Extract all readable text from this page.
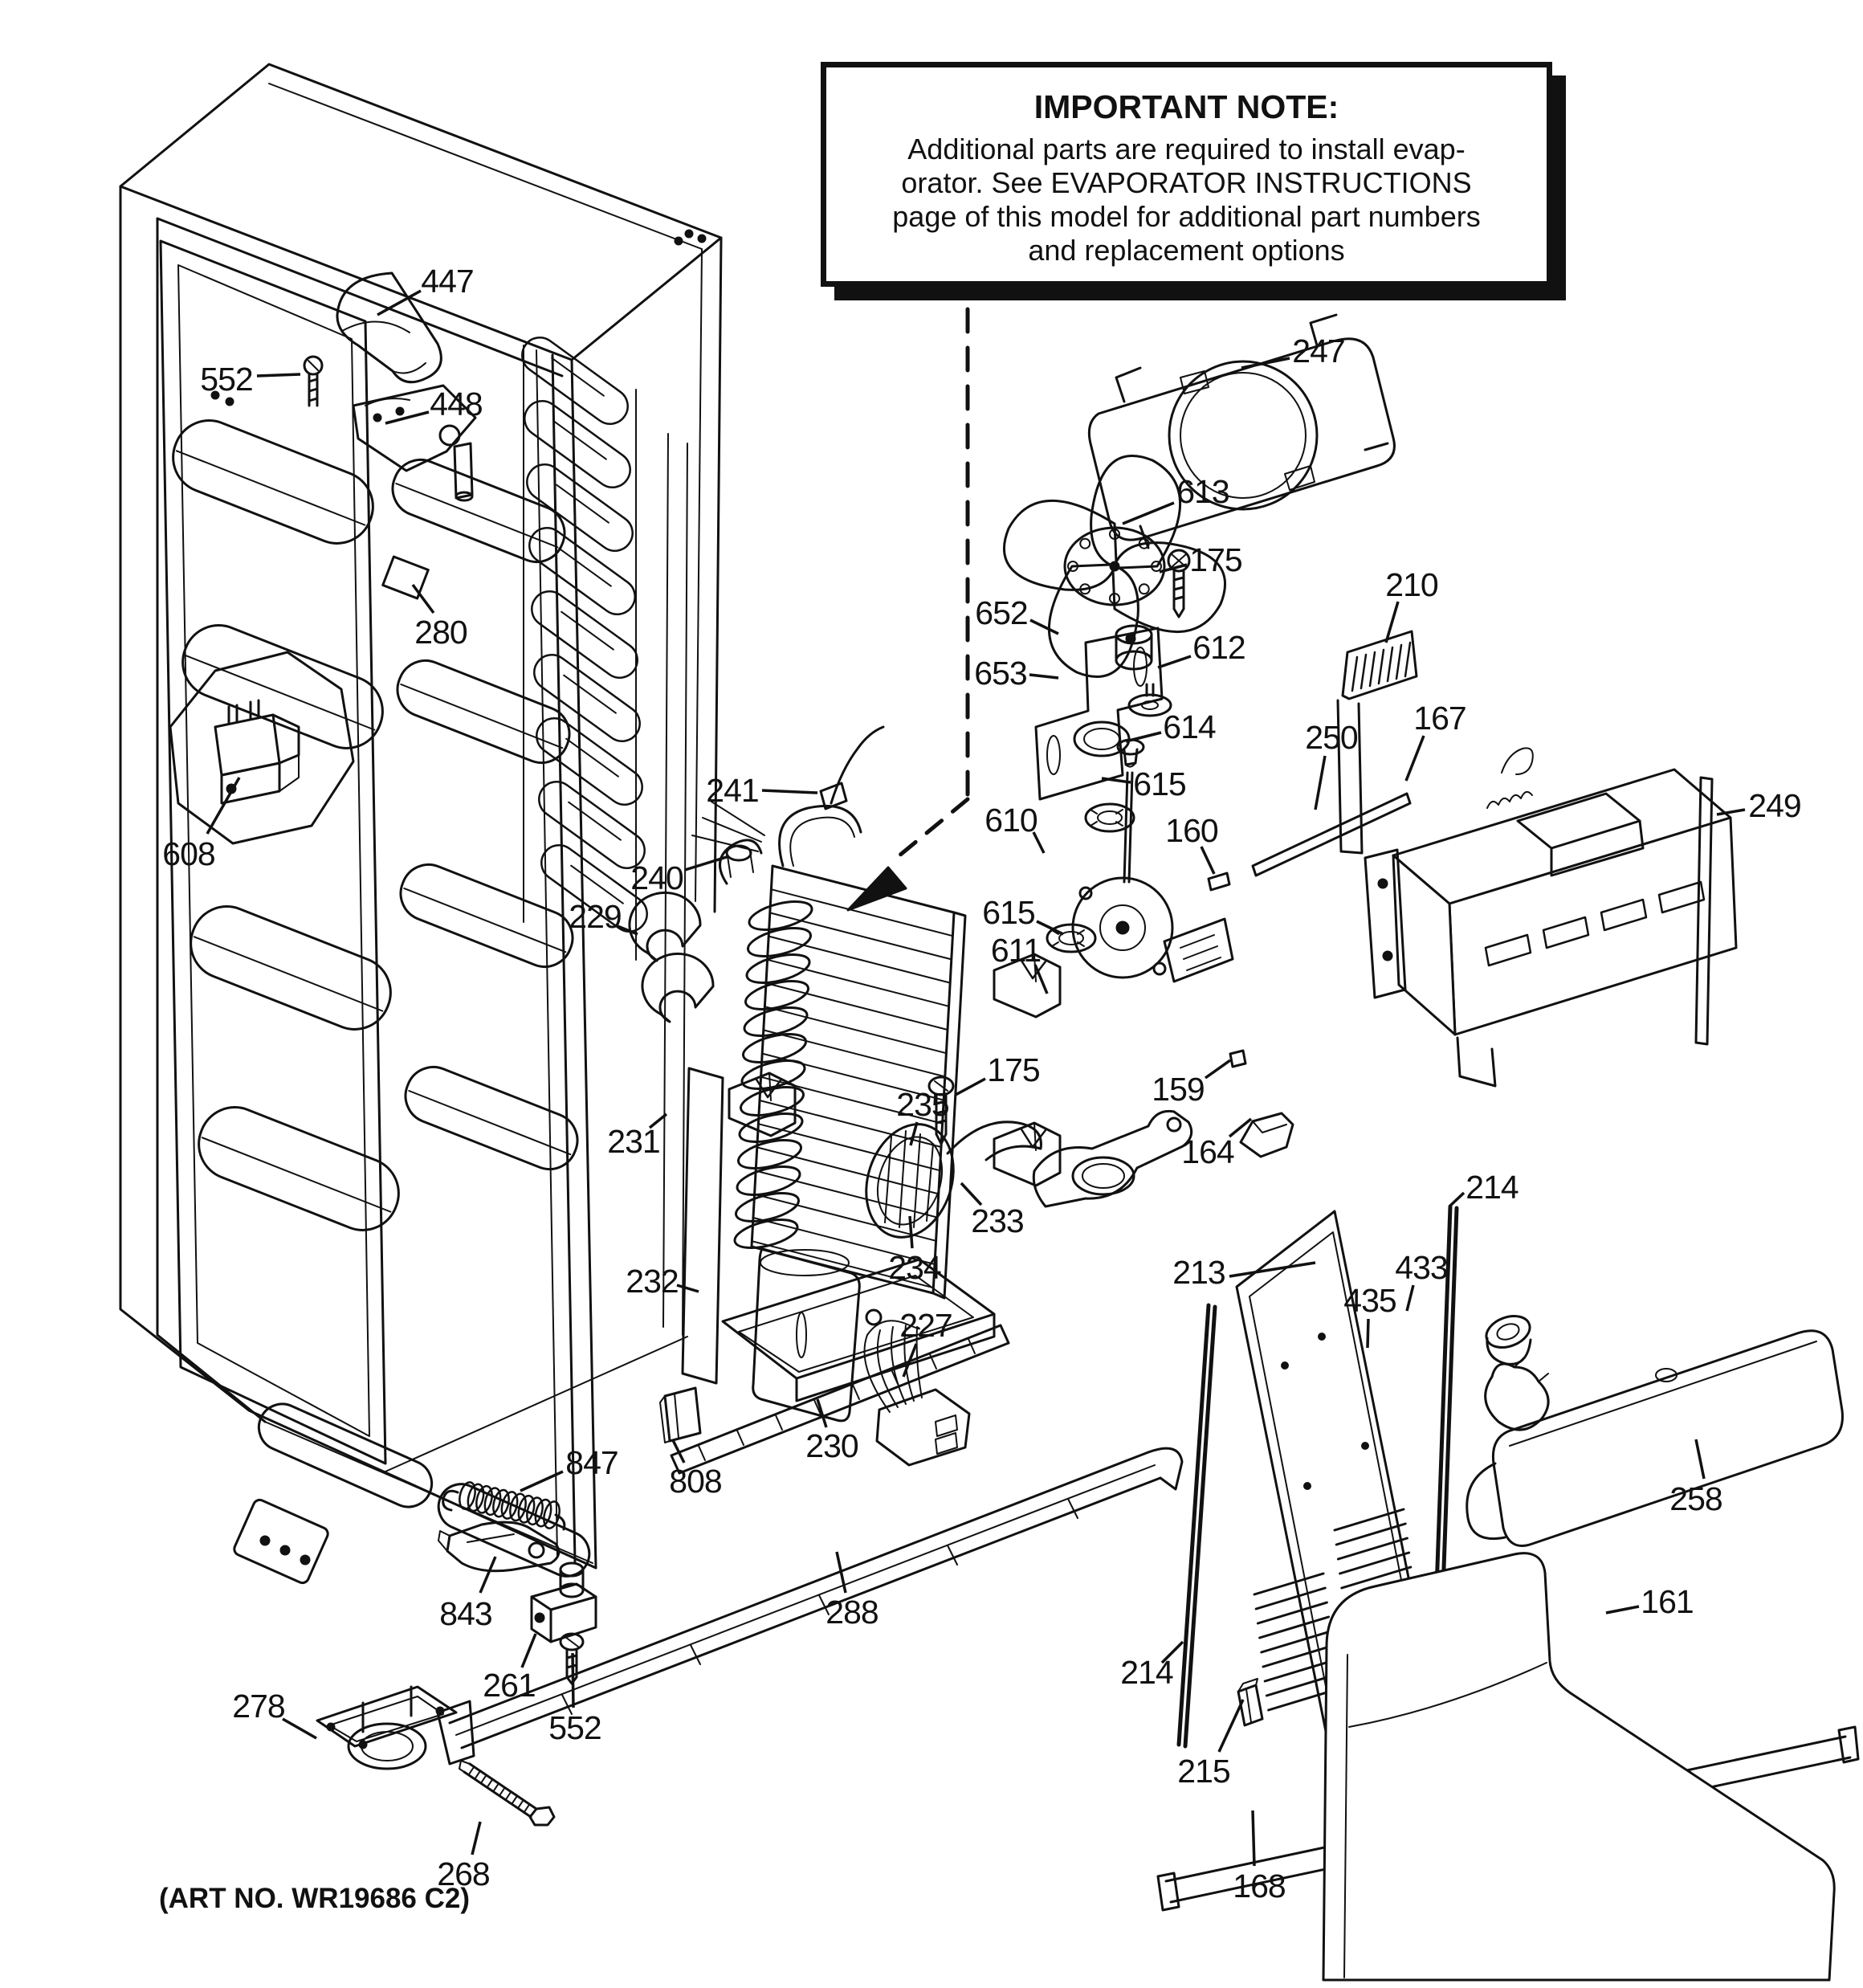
447
552
448
280
608
247
613
175
652
653
612
614
615
610	160
615
611
175
250
210
167
249
159
164
241
240
229
231
232
235
233
234
230
227
808
288
847
843
261
552
278
268
213
214
214
215
168
433
435
258
161
IMPORTANT NOTE:
Additional parts are required to install evap-
orator. See EVAPORATOR INSTRUCTIONS
page of this model for additional part numbers
and replacement options
(ART NO. WR19686 C2)
